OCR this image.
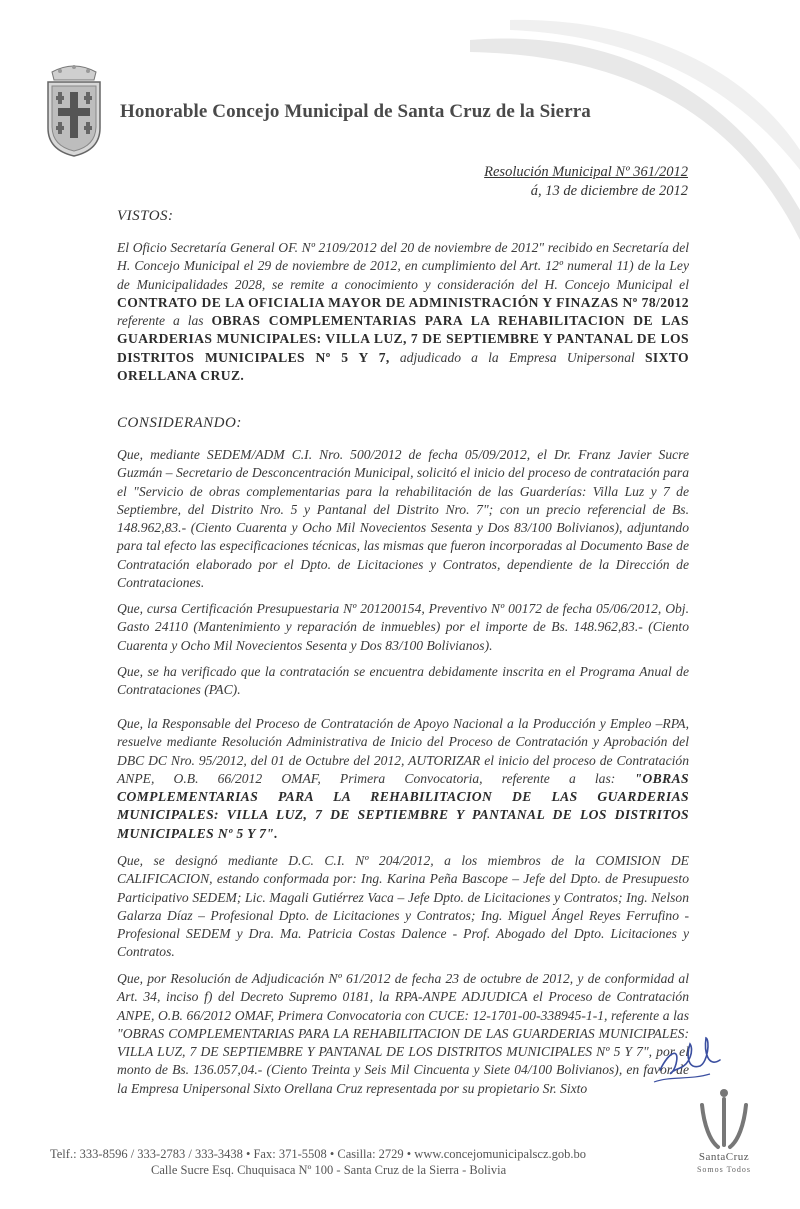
Honorable Concejo Municipal de Santa Cruz de la Sierra
Resolución Municipal Nº 361/2012
á, 13 de diciembre de 2012
VISTOS:

El Oficio Secretaría General OF. Nº 2109/2012 del 20 de noviembre de 2012" recibido en Secretaría del H. Concejo Municipal el 29 de noviembre de 2012, en cumplimiento del Art. 12º numeral 11) de la Ley de Municipalidades 2028, se remite a conocimiento y consideración del H. Concejo Municipal el CONTRATO DE LA OFICIALIA MAYOR DE ADMINISTRACIÓN Y FINAZAS Nº 78/2012 referente a las OBRAS COMPLEMENTARIAS PARA LA REHABILITACION DE LAS GUARDERIAS MUNICIPALES: VILLA LUZ, 7 DE SEPTIEMBRE Y PANTANAL DE LOS DISTRITOS MUNICIPALES Nº 5 Y 7, adjudicado a la Empresa Unipersonal SIXTO ORELLANA CRUZ.

CONSIDERANDO:

Que, mediante SEDEM/ADM C.I. Nro. 500/2012 de fecha 05/09/2012, el Dr. Franz Javier Sucre Guzmán – Secretario de Desconcentración Municipal, solicitó el inicio del proceso de contratación para el "Servicio de obras complementarias para la rehabilitación de las Guarderías: Villa Luz y 7 de Septiembre, del Distrito Nro. 5 y Pantanal del Distrito Nro. 7"; con un precio referencial de Bs. 148.962,83.- (Ciento Cuarenta y Ocho Mil Novecientos Sesenta y Dos 83/100 Bolivianos), adjuntando para tal efecto las especificaciones técnicas, las mismas que fueron incorporadas al Documento Base de Contratación elaborado por el Dpto. de Licitaciones y Contratos, dependiente de la Dirección de Contrataciones.

Que, cursa Certificación Presupuestaria Nº 201200154, Preventivo Nº 00172 de fecha 05/06/2012, Obj. Gasto 24110 (Mantenimiento y reparación de inmuebles) por el importe de Bs. 148.962,83.- (Ciento Cuarenta y Ocho Mil Novecientos Sesenta y Dos 83/100 Bolivianos).

Que, se ha verificado que la contratación se encuentra debidamente inscrita en el Programa Anual de Contrataciones (PAC).

Que, la Responsable del Proceso de Contratación de Apoyo Nacional a la Producción y Empleo –RPA, resuelve mediante Resolución Administrativa de Inicio del Proceso de Contratación y Aprobación del DBC DC Nro. 95/2012, del 01 de Octubre del 2012, AUTORIZAR el inicio del proceso de Contratación ANPE, O.B. 66/2012 OMAF, Primera Convocatoria, referente a las: "OBRAS COMPLEMENTARIAS PARA LA REHABILITACION DE LAS GUARDERIAS MUNICIPALES: VILLA LUZ, 7 DE SEPTIEMBRE Y PANTANAL DE LOS DISTRITOS MUNICIPALES Nº 5 Y 7".

Que, se designó mediante D.C. C.I. Nº 204/2012, a los miembros de la COMISION DE CALIFICACION, estando conformada por: Ing. Karina Peña Bascope – Jefe del Dpto. de Presupuesto Participativo SEDEM; Lic. Magali Gutiérrez Vaca – Jefe Dpto. de Licitaciones y Contratos; Ing. Nelson Galarza Díaz – Profesional Dpto. de Licitaciones y Contratos; Ing. Miguel Ángel Reyes Ferrufino - Profesional SEDEM y Dra. Ma. Patricia Costas Dalence - Prof. Abogado del Dpto. Licitaciones y Contratos.

Que, por Resolución de Adjudicación Nº 61/2012 de fecha 23 de octubre de 2012, y de conformidad al Art. 34, inciso f) del Decreto Supremo 0181, la RPA-ANPE ADJUDICA el Proceso de Contratación ANPE, O.B. 66/2012 OMAF, Primera Convocatoria con CUCE: 12-1701-00-338945-1-1, referente a las "OBRAS COMPLEMENTARIAS PARA LA REHABILITACION DE LAS GUARDERIAS MUNICIPALES: VILLA LUZ, 7 DE SEPTIEMBRE Y PANTANAL DE LOS DISTRITOS MUNICIPALES Nº 5 Y 7", por el monto de Bs. 136.057,04.- (Ciento Treinta y Seis Mil Cincuenta y Siete 04/100 Bolivianos), en favor de la Empresa Unipersonal Sixto Orellana Cruz representada por su propietario Sr. Sixto

Telf.: 333-8596 / 333-2783 / 333-3438 • Fax: 371-5508 • Casilla: 2729 • www.concejomunicipalscz.gob.bo
Calle Sucre Esq. Chuquisaca Nº 100 - Santa Cruz de la Sierra - Bolivia
SantaCruz
Somos Todos
